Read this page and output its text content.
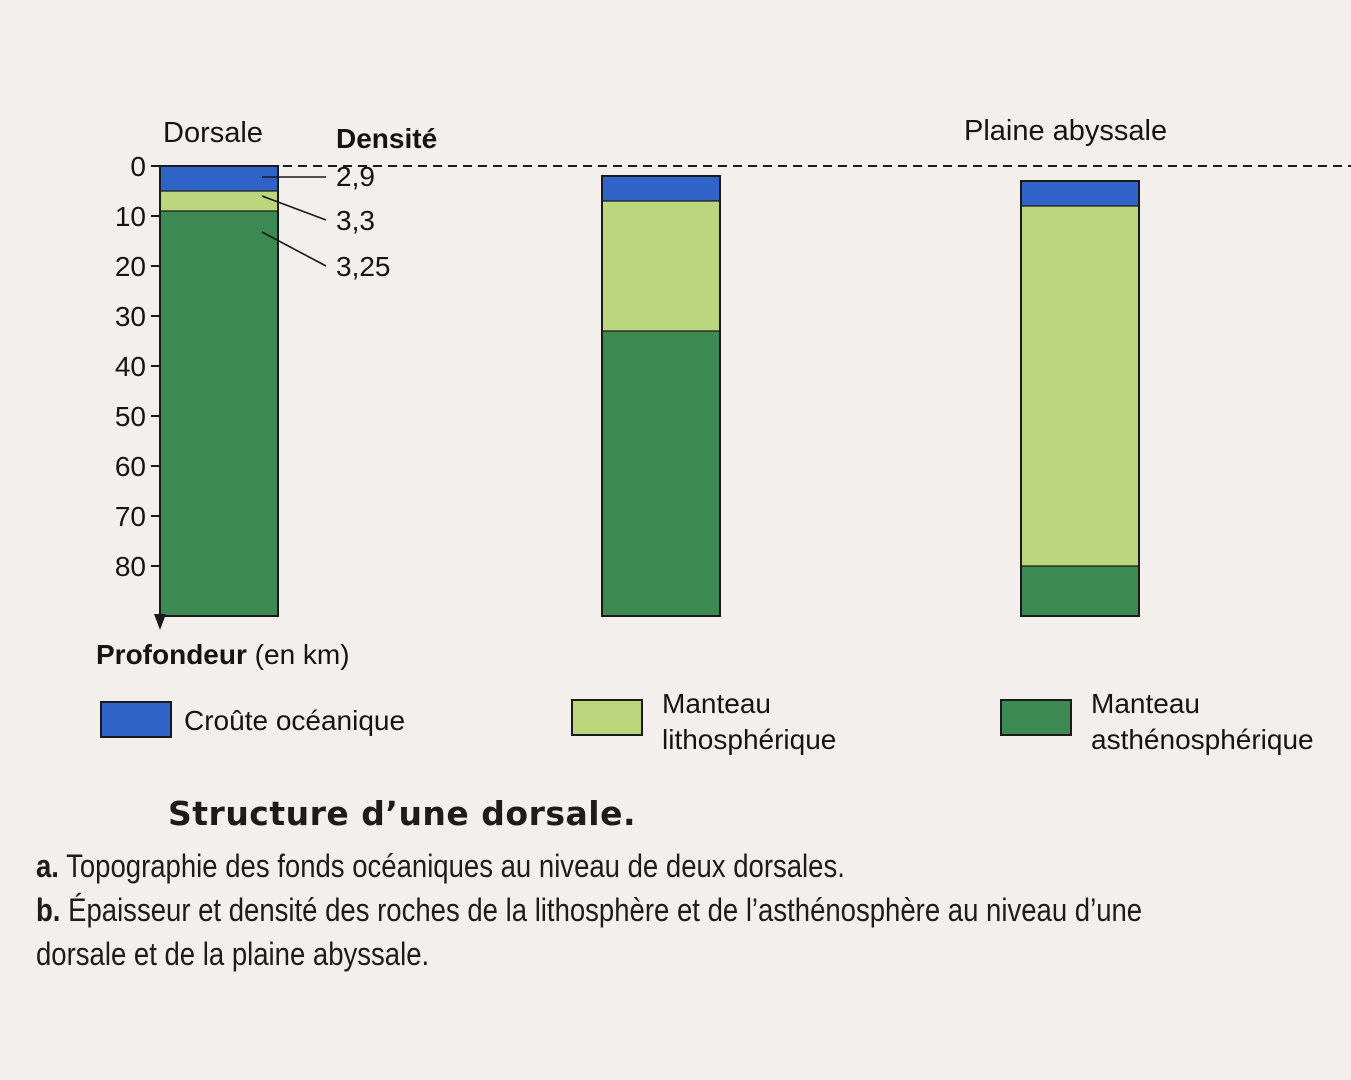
0
10
20
30
40
50
60
70
80
Dorsale	Densité	Plaine abyssale
2,9
3,3
3,25
Profondeur (en km)
Croûte océanique
Manteau
lithosphérique
Manteau
asthénosphérique

Structure d’une dorsale.

a. Topographie des fonds océaniques au niveau de deux dorsales.

b. Épaisseur et densité des roches de la lithosphère et de l’asthénosphère au niveau d’une

dorsale et de la plaine abyssale.
